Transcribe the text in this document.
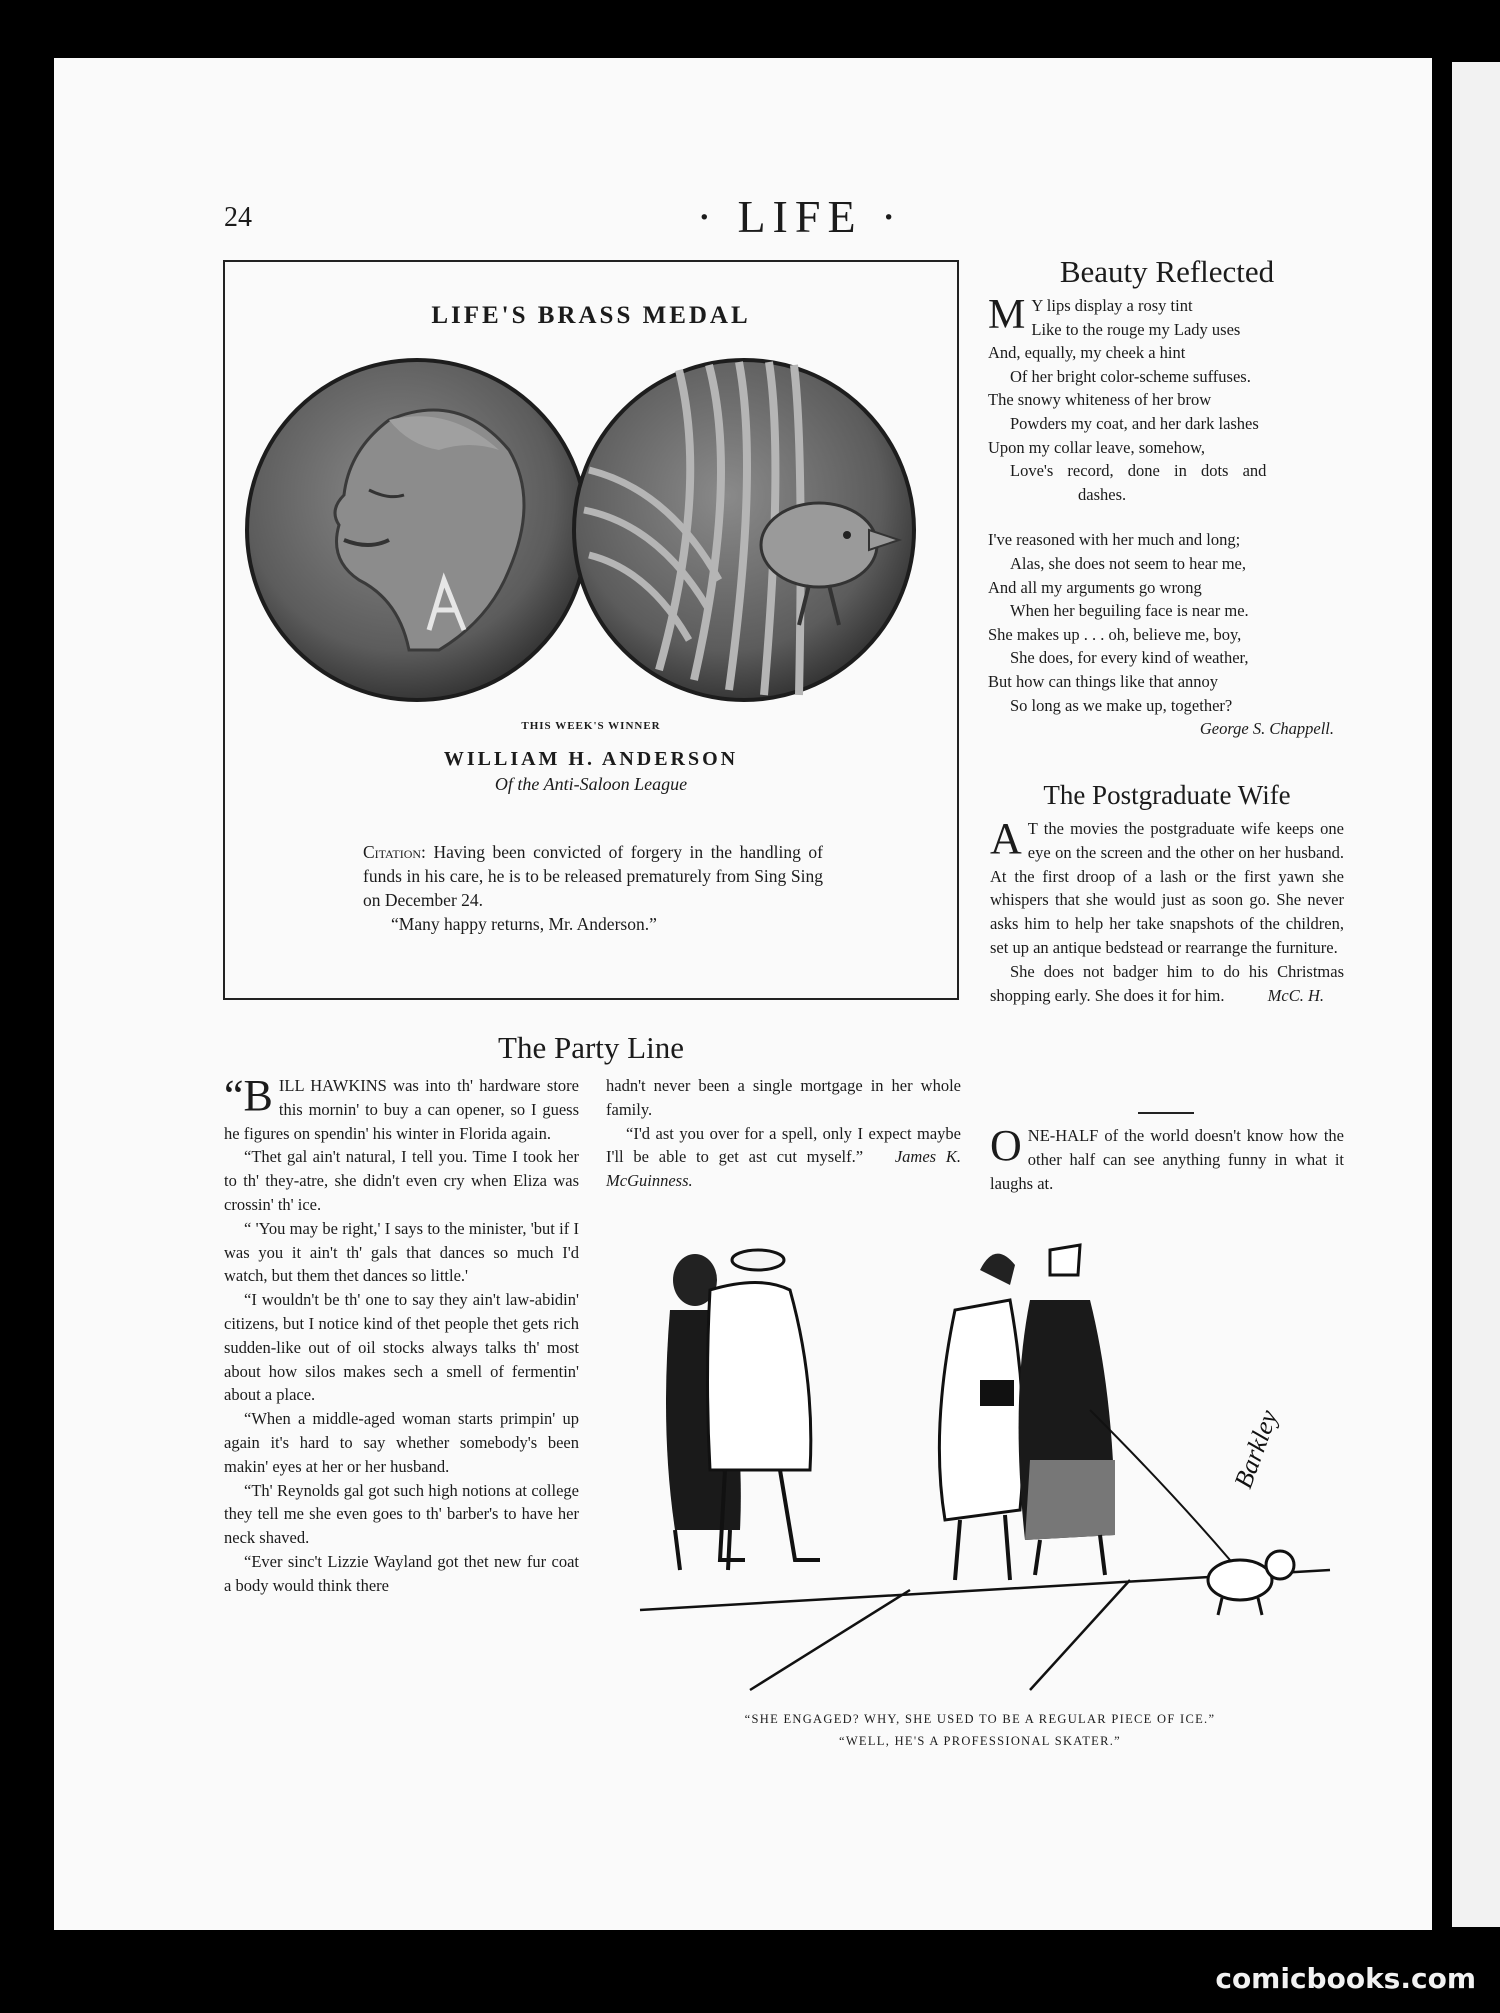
24	· LIFE ·
LIFE'S BRASS MEDAL
THIS WEEK'S WINNER
WILLIAM H. ANDERSON
Of the Anti-Saloon League
Citation: Having been convicted of forgery in the handling of funds in his care, he is to be released prematurely from Sing Sing on December 24.
“Many happy returns, Mr. Anderson.”
Beauty Reflected
M Y lips display a rosy tint
Like to the rouge my Lady uses
And, equally, my cheek a hint
Of her bright color-scheme suffuses.
The snowy whiteness of her brow
Powders my coat, and her dark lashes
Upon my collar leave, somehow,
Love's record, done in dots and
dashes.
I've reasoned with her much and long;
Alas, she does not seem to hear me,
And all my arguments go wrong
When her beguiling face is near me.
She makes up . . . oh, believe me, boy,
She does, for every kind of weather,
But how can things like that annoy
So long as we make up, together?
George S. Chappell.
The Postgraduate Wife

A T the movies the postgraduate wife keeps one eye on the screen and the other on her husband. At the first droop of a lash or the first yawn she whispers that she would just as soon go. She never asks him to help her take snapshots of the children, set up an antique bedstead or rearrange the furniture.

She does not badger him to do his Christmas shopping early. She does it for him.	McC. H.

ONE-HALF of the world doesn't know how the other half can see anything funny in what it laughs at.

The Party Line

“BILL HAWKINS was into th' hardware store this mornin' to buy a can opener, so I guess he figures on spendin' his winter in Florida again.

“Thet gal ain't natural, I tell you. Time I took her to th' they-atre, she didn't even cry when Eliza was crossin' th' ice.

“ 'You may be right,' I says to the minister, 'but if I was you it ain't th' gals that dances so much I'd watch, but them thet dances so little.'

“I wouldn't be th' one to say they ain't law-abidin' citizens, but I notice kind of thet people thet gets rich sudden-like out of oil stocks always talks th' most about how silos makes sech a smell of fermentin' about a place.

“When a middle-aged woman starts primpin' up again it's hard to say whether somebody's been makin' eyes at her or her husband.

“Th' Reynolds gal got such high notions at college they tell me she even goes to th' barber's to have her neck shaved.

“Ever sinc't Lizzie Wayland got thet new fur coat a body would think there

hadn't never been a single mortgage in her whole family.

“I'd ast you over for a spell, only I expect maybe I'll be able to get ast cut myself.” James K. McGuinness.

Barkley
“SHE ENGAGED? WHY, SHE USED TO BE A REGULAR PIECE OF ICE.”
“WELL, HE'S A PROFESSIONAL SKATER.”
comicbooks.com
